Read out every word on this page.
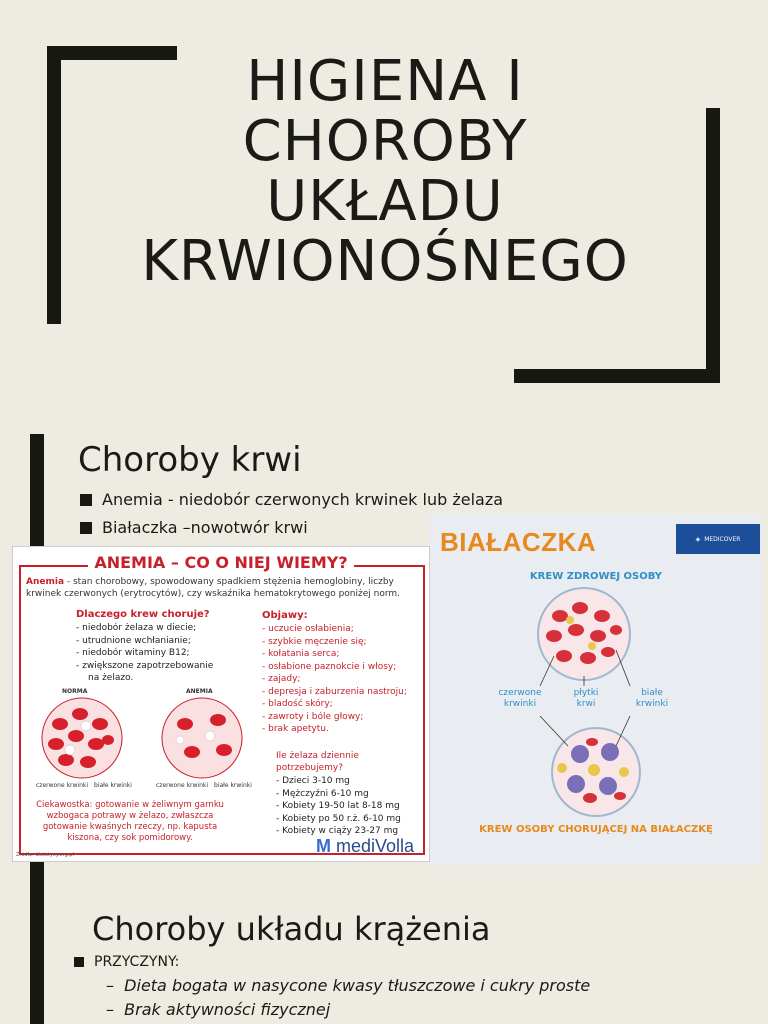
HIGIENA I
CHOROBY
UKŁADU
KRWIONOŚNEGO
Choroby krwi
Anemia - niedobór czerwonych krwinek lub żelaza
Białaczka –nowotwór krwi
ANEMIA – CO O NIEJ WIEMY?
Anemia - stan chorobowy, spowodowany spadkiem stężenia hemoglobiny, liczby krwinek czerwonych (erytrocytów), czy wskaźnika hematokrytowego poniżej norm.
Dlaczego krew choruje?
- niedobór żelaza w diecie;
- utrudnione wchłanianie;
- niedobór witaminy B12;
- zwiększone zapotrzebowanie
na żelazo.
Objawy:
- uczucie osłabienia;
- szybkie męczenie się;
- kołatania serca;
- osłabione paznokcie i włosy;
- zajady;
- depresja i zaburzenia nastroju;
- bladość skóry;
- zawroty i bóle głowy;
- brak apetytu.
NORMA	ANEMIA
czerwone krwinki białe krwinki	czerwone krwinki białe krwinki
Ile żelaza dziennie potrzebujemy?
- Dzieci 3-10 mg
- Mężczyźni 6-10 mg
- Kobiety 19-50 lat 8-18 mg
- Kobiety po 50 r.ż. 6-10 mg
- Kobiety w ciąży 23-27 mg
Ciekawostka: gotowanie w żeliwnym garnku wzbogaca potrawy w żelazo, zwłaszcza gotowanie kwaśnych rzeczy, np. kapusta kiszona, czy sok pomidorowy.
Źródło: dietetycy.org.pl	M mediVolla
BIAŁACZKA	◈ MEDICOVER
KREW ZDROWEJ OSOBY
czerwone krwinki
płytki krwi
białe krwinki
KREW OSOBY CHORUJĄCEJ NA BIAŁACZKĘ
Choroby układu krążenia
PRZYCZYNY:
–  Dieta bogata w nasycone kwasy tłuszczowe i cukry proste
–  Brak aktywności fizycznej
